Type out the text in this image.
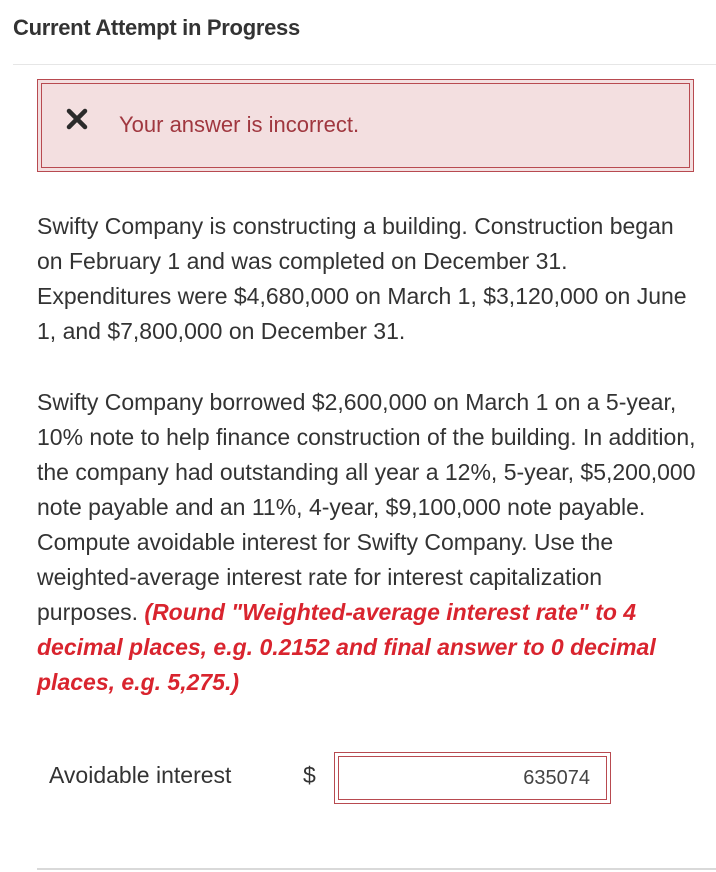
Current Attempt in Progress
Your answer is incorrect.

Swifty Company is constructing a building. Construction began on February 1 and was completed on December 31. Expenditures were $4,680,000 on March 1, $3,120,000 on June 1, and $7,800,000 on December 31.

Swifty Company borrowed $2,600,000 on March 1 on a 5-year, 10% note to help finance construction of the building. In addition, the company had outstanding all year a 12%, 5-year, $5,200,000 note payable and an 11%, 4-year, $9,100,000 note payable. Compute avoidable interest for Swifty Company. Use the weighted-average interest rate for interest capitalization purposes. (Round "Weighted-average interest rate" to 4 decimal places, e.g. 0.2152 and final answer to 0 decimal places, e.g. 5,275.)

Avoidable interest	$
635074
